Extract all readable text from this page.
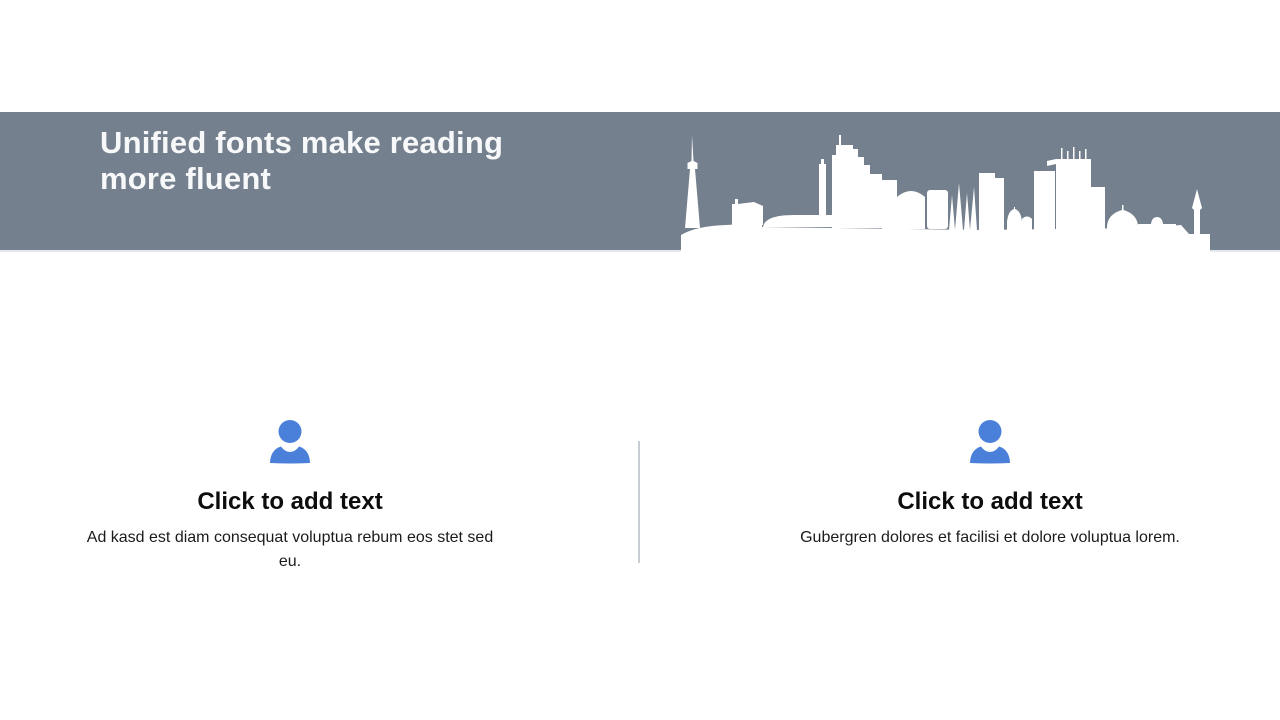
Unified fonts make reading more fluent
Click to add text

Ad kasd est diam consequat voluptua rebum eos stet sed eu.

Click to add text

Gubergren dolores et facilisi et dolore voluptua lorem.
